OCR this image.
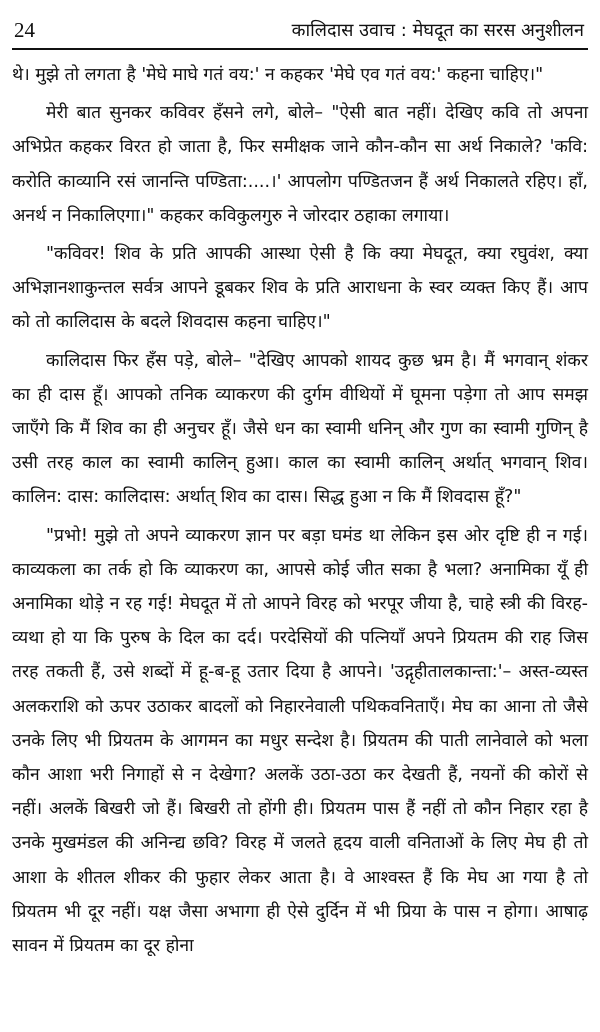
24	कालिदास उवाच : मेघदूत का सरस अनुशीलन

थे। मुझे तो लगता है 'मेघे माघे गतं वय:' न कहकर 'मेघे एव गतं वय:' कहना चाहिए।"

मेरी बात सुनकर कविवर हँसने लगे, बोले– "ऐसी बात नहीं। देखिए कवि तो अपना अभिप्रेत कहकर विरत हो जाता है, फिर समीक्षक जाने कौन-कौन सा अर्थ निकाले? 'कवि: करोति काव्यानि रसं जानन्ति पण्डिता:....।' आपलोग पण्डितजन हैं अर्थ निकालते रहिए। हाँ, अनर्थ न निकालिएगा।" कहकर कविकुलगुरु ने जोरदार ठहाका लगाया।

"कविवर! शिव के प्रति आपकी आस्था ऐसी है कि क्या मेघदूत, क्या रघुवंश, क्या अभिज्ञानशाकुन्तल सर्वत्र आपने डूबकर शिव के प्रति आराधना के स्वर व्यक्त किए हैं। आप को तो कालिदास के बदले शिवदास कहना चाहिए।"

कालिदास फिर हँस पड़े, बोले– "देखिए आपको शायद कुछ भ्रम है। मैं भगवान् शंकर का ही दास हूँ। आपको तनिक व्याकरण की दुर्गम वीथियों में घूमना पड़ेगा तो आप समझ जाएँगे कि मैं शिव का ही अनुचर हूँ। जैसे धन का स्वामी धनिन् और गुण का स्वामी गुणिन् है उसी तरह काल का स्वामी कालिन् हुआ। काल का स्वामी कालिन् अर्थात् भगवान् शिव। कालिन: दास: कालिदास: अर्थात् शिव का दास। सिद्ध हुआ न कि मैं शिवदास हूँ?"

"प्रभो! मुझे तो अपने व्याकरण ज्ञान पर बड़ा घमंड था लेकिन इस ओर दृष्टि ही न गई। काव्यकला का तर्क हो कि व्याकरण का, आपसे कोई जीत सका है भला? अनामिका यूँ ही अनामिका थोड़े न रह गई! मेघदूत में तो आपने विरह को भरपूर जीया है, चाहे स्त्री की विरह-व्यथा हो या कि पुरुष के दिल का दर्द। परदेसियों की पत्नियाँ अपने प्रियतम की राह जिस तरह तकती हैं, उसे शब्दों में हू-ब-हू उतार दिया है आपने। 'उद्गृहीतालकान्ता:'– अस्त-व्यस्त अलकराशि को ऊपर उठाकर बादलों को निहारनेवाली पथिकवनिताएँ। मेघ का आना तो जैसे उनके लिए भी प्रियतम के आगमन का मधुर सन्देश है। प्रियतम की पाती लानेवाले को भला कौन आशा भरी निगाहों से न देखेगा? अलकें उठा-उठा कर देखती हैं, नयनों की कोरों से नहीं। अलकें बिखरी जो हैं। बिखरी तो होंगी ही। प्रियतम पास हैं नहीं तो कौन निहार रहा है उनके मुखमंडल की अनिन्द्य छवि? विरह में जलते हृदय वाली वनिताओं के लिए मेघ ही तो आशा के शीतल शीकर की फुहार लेकर आता है। वे आश्वस्त हैं कि मेघ आ गया है तो प्रियतम भी दूर नहीं। यक्ष जैसा अभागा ही ऐसे दुर्दिन में भी प्रिया के पास न होगा। आषाढ़ सावन में प्रियतम का दूर होना
